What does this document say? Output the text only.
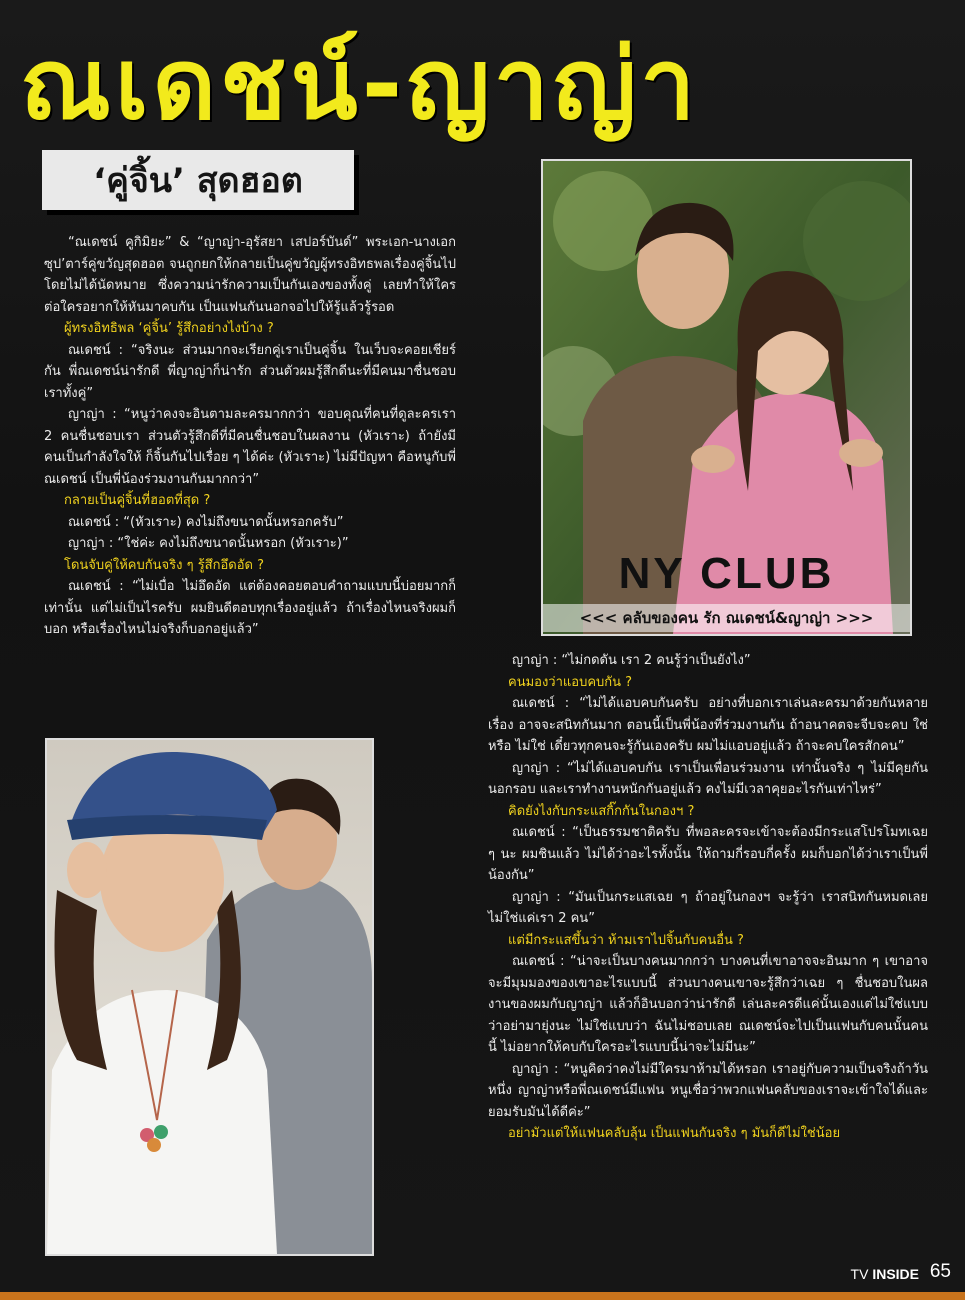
ณเดชน์-ญาญ่า
‘คู่จิ้น’ สุดฮอต
NY CLUB
<<< คลับของคน รัก ณเดชน์&ญาญ่า >>>

“ณเดชน์ คูกิมิยะ” & “ญาญ่า-อุรัสยา เสปอร์บันด์” พระเอก-นางเอกซุป’ตาร์คู่ขวัญสุดฮอต จนถูกยกให้กลายเป็นคู่ขวัญผู้ทรงอิทธพลเรื่องคู่จิ้นไปโดยไม่ได้นัดหมาย ซึ่งความน่ารักความเป็นกันเองของทั้งคู่ เลยทำให้ใครต่อใครอยากให้หันมาคบกัน เป็นแฟนกันนอกจอไปให้รู้แล้วรู้รอด

ผู้ทรงอิทธิพล ‘คู่จิ้น’ รู้สึกอย่างไงบ้าง ?

ณเดชน์ : “จริงนะ ส่วนมากจะเรียกคู่เราเป็นคู่จิ้น ในเว็บจะคอยเชียร์กัน พี่ณเดชน์น่ารักดี พี่ญาญ่าก็น่ารัก ส่วนตัวผมรู้สึกดีนะที่มีคนมาชื่นชอบเราทั้งคู่”

ญาญ่า : “หนูว่าคงจะอินตามละครมากกว่า ขอบคุณที่คนที่ดูละครเรา 2 คนชื่นชอบเรา ส่วนตัวรู้สึกดีที่มีคนชื่นชอบในผลงาน (หัวเราะ) ถ้ายังมีคนเป็นกำลังใจให้ ก็จิ้นกันไปเรื่อย ๆ ได้ค่ะ (หัวเราะ) ไม่มีปัญหา คือหนูกับพี่ณเดชน์ เป็นพี่น้องร่วมงานกันมากกว่า”

กลายเป็นคู่จิ้นที่ฮอตที่สุด ?

ณเดชน์ : “(หัวเราะ) คงไม่ถึงขนาดนั้นหรอกครับ”

ญาญ่า : “ใช่ค่ะ คงไม่ถึงขนาดนั้นหรอก (หัวเราะ)”

โดนจับคู่ให้คบกันจริง ๆ รู้สึกอึดอัด ?

ณเดชน์ : “ไม่เบื่อ ไม่อึดอัด แต่ต้องคอยตอบคำถามแบบนี้บ่อยมากก็เท่านั้น แต่ไม่เป็นไรครับ ผมยินดีตอบทุกเรื่องอยู่แล้ว ถ้าเรื่องไหนจริงผมก็บอก หรือเรื่องไหนไม่จริงก็บอกอยู่แล้ว”

ญาญ่า : “ไม่กดดัน เรา 2 คนรู้ว่าเป็นยังไง”

คนมองว่าแอบคบกัน ?

ณเดชน์ : “ไม่ได้แอบคบกันครับ อย่างที่บอกเราเล่นละครมาด้วยกันหลายเรื่อง อาจจะสนิทกันมาก ตอนนี้เป็นพี่น้องที่ร่วมงานกัน ถ้าอนาคตจะจีบจะคบ ใช่ หรือ ไม่ใช่ เดี๋ยวทุกคนจะรู้กันเองครับ ผมไม่แอบอยู่แล้ว ถ้าจะคบใครสักคน”

ญาญ่า : “ไม่ได้แอบคบกัน เราเป็นเพื่อนร่วมงาน เท่านั้นจริง ๆ ไม่มีคุยกันนอกรอบ และเราทำงานหนักกันอยู่แล้ว คงไม่มีเวลาคุยอะไรกันเท่าไหร่”

คิดยังไงกับกระแสกิ๊กกันในกองฯ ?

ณเดชน์ : “เป็นธรรมชาติครับ ที่พอละครจะเข้าจะต้องมีกระแสโปรโมทเฉย ๆ นะ ผมชินแล้ว ไม่ได้ว่าอะไรทั้งนั้น ให้ถามกี่รอบกี่ครั้ง ผมก็บอกได้ว่าเราเป็นพี่น้องกัน”

ญาญ่า : “มันเป็นกระแสเฉย ๆ ถ้าอยู่ในกองฯ จะรู้ว่า เราสนิทกันหมดเลย ไม่ใช่แค่เรา 2 คน”

แต่มีกระแสขึ้นว่า ห้ามเราไปจิ้นกับคนอื่น ?

ณเดชน์ : “น่าจะเป็นบางคนมากกว่า บางคนที่เขาอาจจะอินมาก ๆ เขาอาจจะมีมุมมองของเขาอะไรแบบนี้ ส่วนบางคนเขาจะรู้สึกว่าเฉย ๆ ชื่นชอบในผลงานของผมกับญาญ่า แล้วก็อินบอกว่าน่ารักดี เล่นละครดีแค่นั้นเองแต่ไม่ใช่แบบว่าอย่ามายุ่งนะ ไม่ใช่แบบว่า ฉันไม่ชอบเลย ณเดชน์จะไปเป็นแฟนกับคนนั้นคนนี้ ไม่อยากให้คบกับใครอะไรแบบนี้น่าจะไม่มีนะ”

ญาญ่า : “หนูคิดว่าคงไม่มีใครมาห้ามได้หรอก เราอยู่กับความเป็นจริงถ้าวันหนึ่ง ญาญ่าหรือพี่ณเดชน์มีแฟน หนูเชื่อว่าพวกแฟนคลับของเราจะเข้าใจได้และยอมรับมันได้ดีค่ะ”

อย่ามัวแต่ให้แฟนคลับลุ้น เป็นแฟนกันจริง ๆ มันก็ดีไม่ใช่น้อย

TV INSIDE 65
